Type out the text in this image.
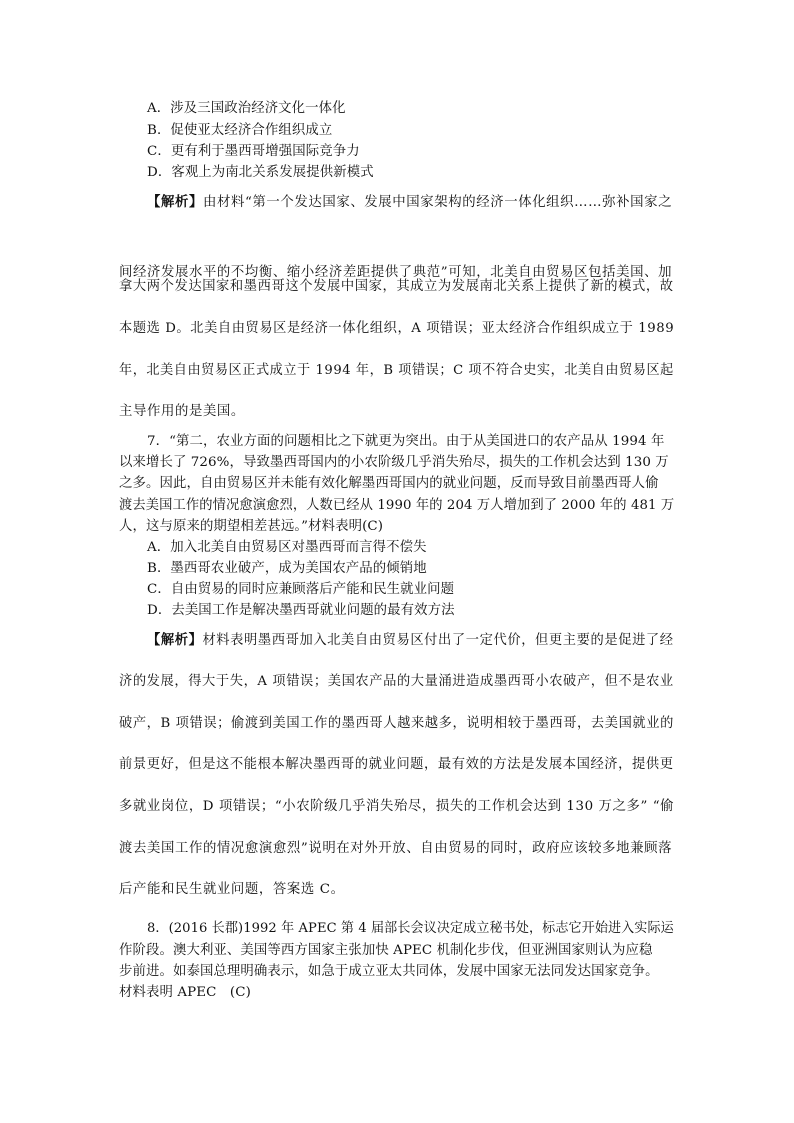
A．涉及三国政治经济文化一体化
B．促使亚太经济合作组织成立
C．更有利于墨西哥增强国际竞争力
D．客观上为南北关系发展提供新模式
【解析】由材料“第一个发达国家、发展中国家架构的经济一体化组织……弥补国家之
间经济发展水平的不均衡、缩小经济差距提供了典范”可知，北美自由贸易区包括美国、加
拿大两个发达国家和墨西哥这个发展中国家，其成立为发展南北关系上提供了新的模式，故
本题选 D。北美自由贸易区是经济一体化组织，A 项错误；亚太经济合作组织成立于 1989
年，北美自由贸易区正式成立于 1994 年，B 项错误；C 项不符合史实，北美自由贸易区起
主导作用的是美国。
7．“第二，农业方面的问题相比之下就更为突出。由于从美国进口的农产品从 1994 年
以来增长了 726%，导致墨西哥国内的小农阶级几乎消失殆尽，损失的工作机会达到 130 万
之多。因此，自由贸易区并未能有效化解墨西哥国内的就业问题，反而导致目前墨西哥人偷
渡去美国工作的情况愈演愈烈，人数已经从 1990 年的 204 万人增加到了 2000 年的 481 万
人，这与原来的期望相差甚远。”材料表明(C)
A．加入北美自由贸易区对墨西哥而言得不偿失
B．墨西哥农业破产，成为美国农产品的倾销地
C．自由贸易的同时应兼顾落后产能和民生就业问题
D．去美国工作是解决墨西哥就业问题的最有效方法
【解析】材料表明墨西哥加入北美自由贸易区付出了一定代价，但更主要的是促进了经
济的发展，得大于失，A 项错误；美国农产品的大量涌进造成墨西哥小农破产，但不是农业
破产，B 项错误；偷渡到美国工作的墨西哥人越来越多，说明相较于墨西哥，去美国就业的
前景更好，但是这不能根本解决墨西哥的就业问题，最有效的方法是发展本国经济，提供更
多就业岗位，D 项错误；“小农阶级几乎消失殆尽，损失的工作机会达到 130 万之多” “偷
渡去美国工作的情况愈演愈烈”说明在对外开放、自由贸易的同时，政府应该较多地兼顾落
后产能和民生就业问题，答案选 C。
8．(2016 长郡)1992 年 APEC 第 4 届部长会议决定成立秘书处，标志它开始进入实际运
作阶段。澳大利亚、美国等西方国家主张加快 APEC 机制化步伐，但亚洲国家则认为应稳
步前进。如泰国总理明确表示，如急于成立亚太共同体，发展中国家无法同发达国家竞争。
材料表明 APEC　(C)
